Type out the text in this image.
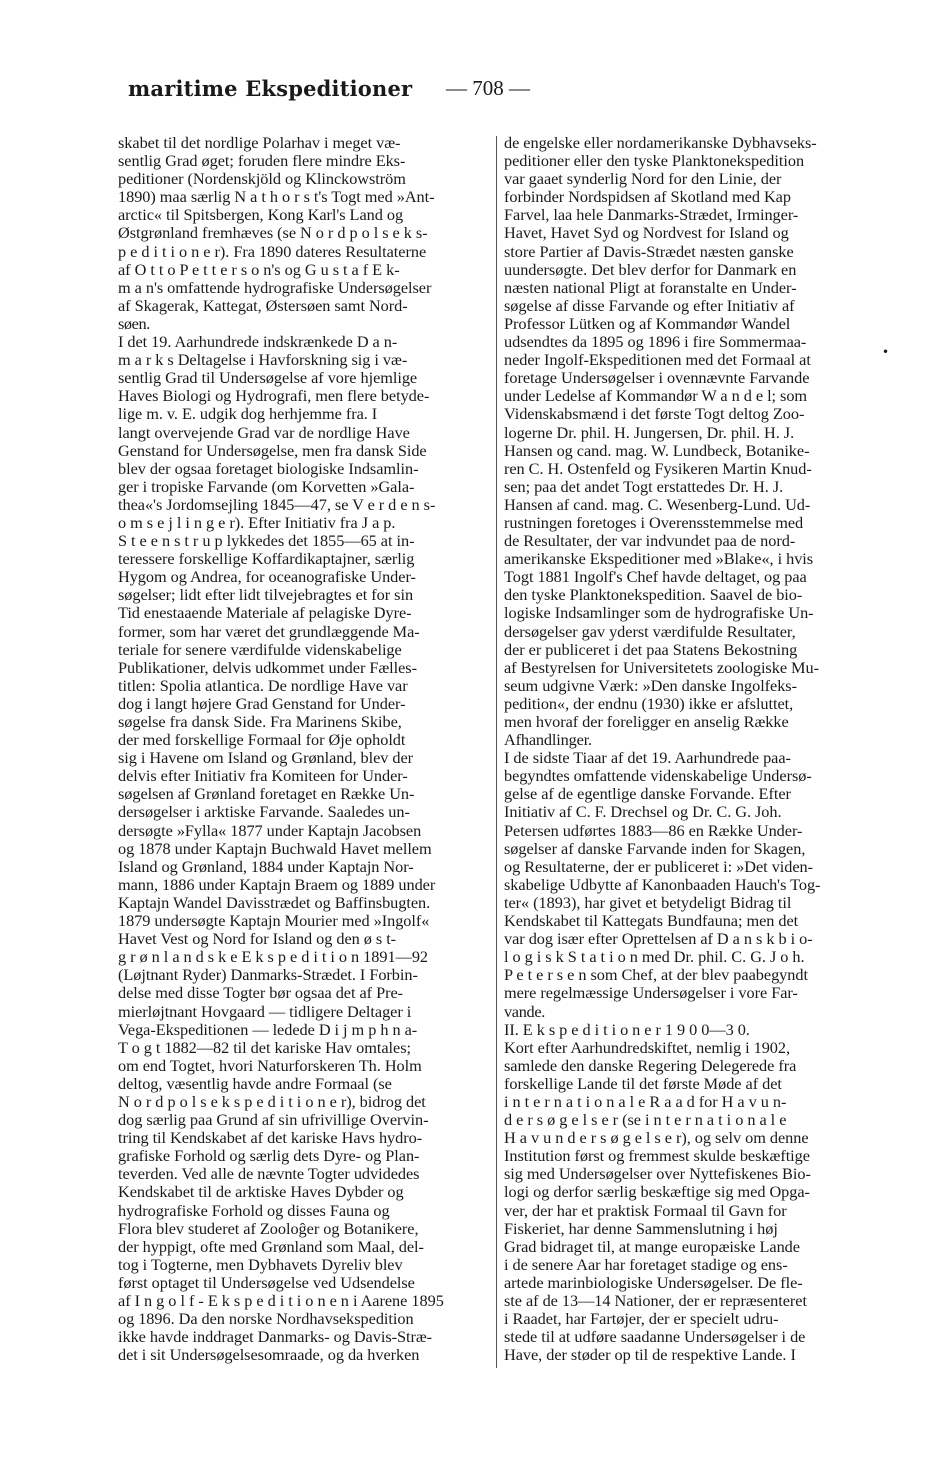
maritime Ekspeditioner — 708 —
skabet til det nordlige Polarhav i meget væ-
sentlig Grad øget; foruden flere mindre Eks-
peditioner (Nordenskjöld og Klinckowström
1890) maa særlig N a t h o r s t's Togt med »Ant-
arctic« til Spitsbergen, Kong Karl's Land og
Østgrønland fremhæves (se N o r d p o l s e k s-
p e d i t i o n e r). Fra 1890 dateres Resultaterne
af O t t o P e t t e r s o n's og G u s t a f E k-
m a n's omfattende hydrografiske Undersøgelser
af Skagerak, Kattegat, Østersøen samt Nord-
søen.
I det 19. Aarhundrede indskrænkede D a n-
m a r k s Deltagelse i Havforskning sig i væ-
sentlig Grad til Undersøgelse af vore hjemlige
Haves Biologi og Hydrografi, men flere betyde-
lige m. v. E. udgik dog herhjemme fra. I
langt overvejende Grad var de nordlige Have
Genstand for Undersøgelse, men fra dansk Side
blev der ogsaa foretaget biologiske Indsamlin-
ger i tropiske Farvande (om Korvetten »Gala-
thea«'s Jordomsejling 1845—47, se V e r d e n s-
o m s e j l i n g e r). Efter Initiativ fra J a p.
S t e e n s t r u p lykkedes det 1855—65 at in-
teressere forskellige Koffardikaptajner, særlig
Hygom og Andrea, for oceanografiske Under-
søgelser; lidt efter lidt tilvejebragtes et for sin
Tid enestaaende Materiale af pelagiske Dyre-
former, som har været det grundlæggende Ma-
teriale for senere værdifulde videnskabelige
Publikationer, delvis udkommet under Fælles-
titlen: Spolia atlantica. De nordlige Have var
dog i langt højere Grad Genstand for Under-
søgelse fra dansk Side. Fra Marinens Skibe,
der med forskellige Formaal for Øje opholdt
sig i Havene om Island og Grønland, blev der
delvis efter Initiativ fra Komiteen for Under-
søgelsen af Grønland foretaget en Række Un-
dersøgelser i arktiske Farvande. Saaledes un-
dersøgte »Fylla« 1877 under Kaptajn Jacobsen
og 1878 under Kaptajn Buchwald Havet mellem
Island og Grønland, 1884 under Kaptajn Nor-
mann, 1886 under Kaptajn Braem og 1889 under
Kaptajn Wandel Davisstrædet og Baffinsbugten.
1879 undersøgte Kaptajn Mourier med »Ingolf«
Havet Vest og Nord for Island og den ø s t-
g r ø n l a n d s k e E k s p e d i t i o n 1891—92
(Løjtnant Ryder) Danmarks-Strædet. I Forbin-
delse med disse Togter bør ogsaa det af Pre-
mierløjtnant Hovgaard — tidligere Deltager i
Vega-Ekspeditionen — ledede D i j m p h n a-
T o g t 1882—82 til det kariske Hav omtales;
om end Togtet, hvori Naturforskeren Th. Holm
deltog, væsentlig havde andre Formaal (se
N o r d p o l s e k s p e d i t i o n e r), bidrog det
dog særlig paa Grund af sin ufrivillige Overvin-
tring til Kendskabet af det kariske Havs hydro-
grafiske Forhold og særlig dets Dyre- og Plan-
teverden. Ved alle de nævnte Togter udvidedes
Kendskabet til de arktiske Haves Dybder og
hydrografiske Forhold og disses Fauna og
Flora blev studeret af Zooloĝer og Botanikere,
der hyppigt, ofte med Grønland som Maal, del-
tog i Togterne, men Dybhavets Dyreliv blev
først optaget til Undersøgelse ved Udsendelse
af I n g o l f - E k s p e d i t i o n e n i Aarene 1895
og 1896. Da den norske Nordhavsekspedition
ikke havde inddraget Danmarks- og Davis-Stræ-
det i sit Undersøgelsesomraade, og da hverken
de engelske eller nordamerikanske Dybhavseks-
peditioner eller den tyske Planktonekspedition
var gaaet synderlig Nord for den Linie, der
forbinder Nordspidsen af Skotland med Kap
Farvel, laa hele Danmarks-Strædet, Irminger-
Havet, Havet Syd og Nordvest for Island og
store Partier af Davis-Strædet næsten ganske
uundersøgte. Det blev derfor for Danmark en
næsten national Pligt at foranstalte en Under-
søgelse af disse Farvande og efter Initiativ af
Professor Lütken og af Kommandør Wandel
udsendtes da 1895 og 1896 i fire Sommermaa-
neder Ingolf-Ekspeditionen med det Formaal at
foretage Undersøgelser i ovennævnte Farvande
under Ledelse af Kommandør W a n d e l; som
Videnskabsmænd i det første Togt deltog Zoo-
logerne Dr. phil. H. Jungersen, Dr. phil. H. J.
Hansen og cand. mag. W. Lundbeck, Botanike-
ren C. H. Ostenfeld og Fysikeren Martin Knud-
sen; paa det andet Togt erstattedes Dr. H. J.
Hansen af cand. mag. C. Wesenberg-Lund. Ud-
rustningen foretoges i Overensstemmelse med
de Resultater, der var indvundet paa de nord-
amerikanske Ekspeditioner med »Blake«, i hvis
Togt 1881 Ingolf's Chef havde deltaget, og paa
den tyske Planktonekspedition. Saavel de bio-
logiske Indsamlinger som de hydrografiske Un-
dersøgelser gav yderst værdifulde Resultater,
der er publiceret i det paa Statens Bekostning
af Bestyrelsen for Universitetets zoologiske Mu-
seum udgivne Værk: »Den danske Ingolfeks-
pedition«, der endnu (1930) ikke er afsluttet,
men hvoraf der foreligger en anselig Række
Afhandlinger.
I de sidste Tiaar af det 19. Aarhundrede paa-
begyndtes omfattende videnskabelige Undersø-
gelse af de egentlige danske Forvande. Efter
Initiativ af C. F. Drechsel og Dr. C. G. Joh.
Petersen udførtes 1883—86 en Række Under-
søgelser af danske Farvande inden for Skagen,
og Resultaterne, der er publiceret i: »Det viden-
skabelige Udbytte af Kanonbaaden Hauch's Tog-
ter« (1893), har givet et betydeligt Bidrag til
Kendskabet til Kattegats Bundfauna; men det
var dog især efter Oprettelsen af D a n s k b i o-
l o g i s k S t a t i o n med Dr. phil. C. G. J o h.
P e t e r s e n som Chef, at der blev paabegyndt
mere regelmæssige Undersøgelser i vore Far-
vande.
II. E k s p e d i t i o n e r 1 9 0 0—3 0.
Kort efter Aarhundredskiftet, nemlig i 1902,
samlede den danske Regering Delegerede fra
forskellige Lande til det første Møde af det
i n t e r n a t i o n a l e R a a d for H a v u n-
d e r s ø g e l s e r (se i n t e r n a t i o n a l e
H a v u n d e r s ø g e l s e r), og selv om denne
Institution først og fremmest skulde beskæftige
sig med Undersøgelser over Nyttefiskenes Bio-
logi og derfor særlig beskæftige sig med Opga-
ver, der har et praktisk Formaal til Gavn for
Fiskeriet, har denne Sammenslutning i høj
Grad bidraget til, at mange europæiske Lande
i de senere Aar har foretaget stadige og ens-
artede marinbiologiske Undersøgelser. De fle-
ste af de 13—14 Nationer, der er repræsenteret
i Raadet, har Fartøjer, der er specielt udru-
stede til at udføre saadanne Undersøgelser i de
Have, der støder op til de respektive Lande. I
•
